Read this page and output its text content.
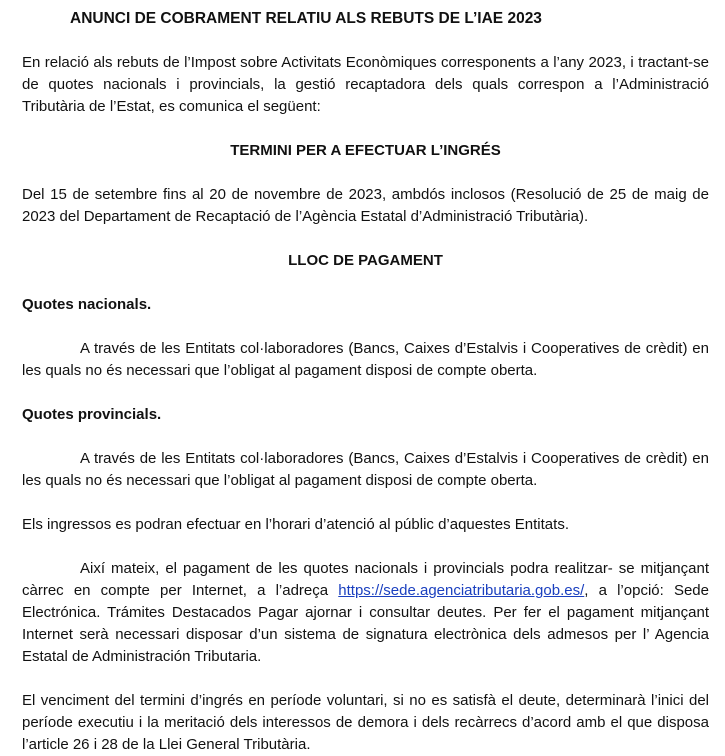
ANUNCI DE COBRAMENT RELATIU ALS REBUTS DE L’IAE 2023

En relació als rebuts de l’Impost sobre Activitats Econòmiques corresponents a l’any 2023, i tractant-se de quotes nacionals i provincials, la gestió recaptadora dels quals correspon a l’Administració Tributària de l’Estat, es comunica el següent:

TERMINI PER A EFECTUAR L’INGRÉS

Del 15 de setembre fins al 20 de novembre de 2023, ambdós inclosos (Resolució de 25 de maig de 2023 del Departament de Recaptació de l’Agència Estatal d’Administració Tributària).

LLOC DE PAGAMENT
Quotes nacionals.

A través de les Entitats col·laboradores (Bancs, Caixes d’Estalvis i Cooperatives de crèdit) en les quals no és necessari que l’obligat al pagament disposi de compte oberta.

Quotes provincials.

A través de les Entitats col·laboradores (Bancs, Caixes d’Estalvis i Cooperatives de crèdit) en les quals no és necessari que l’obligat al pagament disposi de compte oberta.

Els ingressos es podran efectuar en l’horari d’atenció al públic d’aquestes Entitats.

Així mateix, el pagament de les quotes nacionals i provincials podra realitzar- se mitjançant càrrec en compte per Internet, a l’adreça https://sede.agenciatributaria.gob.es/, a l’opció: Sede Electrónica. Trámites Destacados Pagar ajornar i consultar deutes. Per fer el pagament mitjançant Internet serà necessari disposar d’un sistema de signatura electrònica dels admesos per l’ Agencia Estatal de Administración Tributaria.

El venciment del termini d’ingrés en període voluntari, si no es satisfà el deute, determinarà l’inici del període executiu i la meritació dels interessos de demora i dels recàrrecs d’acord amb el que disposa l’article 26 i 28 de la Llei General Tributària.
